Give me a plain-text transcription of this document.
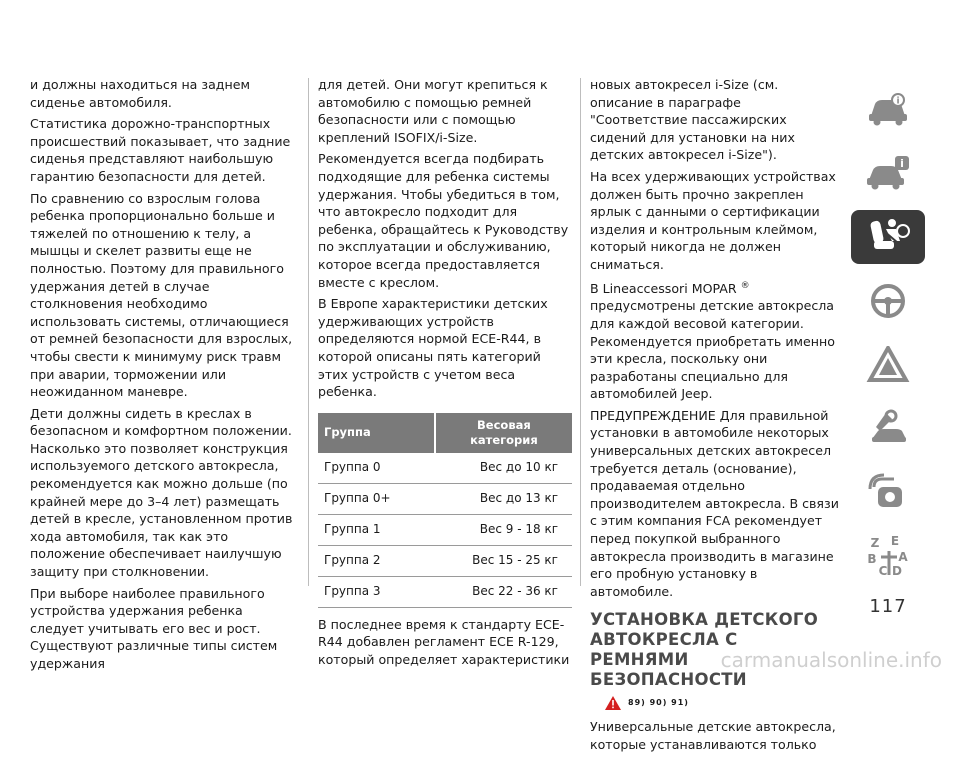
и должны находиться на заднем сиденье автомобиля.

Статистика дорожно-транспортных происшествий показывает, что задние сиденья представляют наибольшую гарантию безопасности для детей.

По сравнению со взрослым голова ребенка пропорционально больше и тяжелей по отношению к телу, а мышцы и скелет развиты еще не полностью. Поэтому для правильного удержания детей в случае столкновения необходимо использовать системы, отличающиеся от ремней безопасности для взрослых, чтобы свести к минимуму риск травм при аварии, торможении или неожиданном маневре.

Дети должны сидеть в креслах в безопасном и комфортном положении. Насколько это позволяет конструкция используемого детского автокресла, рекомендуется как можно дольше (по крайней мере до 3–4 лет) размещать детей в кресле, установленном против хода автомобиля, так как это положение обеспечивает наилучшую защиту при столкновении.

При выборе наиболее правильного устройства удержания ребенка следует учитывать его вес и рост. Существуют различные типы систем удержания

для детей. Они могут крепиться к автомобилю с помощью ремней безопасности или с помощью креплений ISOFIX/i-Size.

Рекомендуется всегда подбирать подходящие для ребенка системы удержания. Чтобы убедиться в том, что автокресло подходит для ребенка, обращайтесь к Руководству по эксплуатации и обслуживанию, которое всегда предоставляется вместе с креслом.

В Европе характеристики детских удерживающих устройств определяются нормой ECE-R44, в которой описаны пять категорий этих устройств с учетом веса ребенка.

Группа	Весовая категория
Группа 0	Вес до 10 кг
Группа 0+	Вес до 13 кг
Группа 1	Вес 9 - 18 кг
Группа 2	Вес 15 - 25 кг
Группа 3	Вес 22 - 36 кг

В последнее время к стандарту ECE-R44 добавлен регламент ECE R-129, который определяет характеристики

новых автокресел i-Size (см. описание в параграфе "Соответствие пассажирских сидений для установки на них детских автокресел i-Size").

На всех удерживающих устройствах должен быть прочно закреплен ярлык с данными о сертификации изделия и контрольным клеймом, который никогда не должен сниматься.

В Lineaccessori MOPAR ® предусмотрены детские автокресла для каждой весовой категории. Рекомендуется приобретать именно эти кресла, поскольку они разработаны специально для автомобилей Jeep.

ПРЕДУПРЕЖДЕНИЕ Для правильной установки в автомобиле некоторых универсальных детских автокресел требуется деталь (основание), продаваемая отдельно производителем автокресла. В связи с этим компания FCA рекомендует перед покупкой выбранного автокресла производить в магазине его пробную установку в автомобиле.

УСТАНОВКА ДЕТСКОГО АВТОКРЕСЛА С РЕМНЯМИ БЕЗОПАСНОСТИ
89) 90) 91)

Универсальные детские автокресла, которые устанавливаются только

i
i
Z E
B A
C D
117
carmanualsonline.info
